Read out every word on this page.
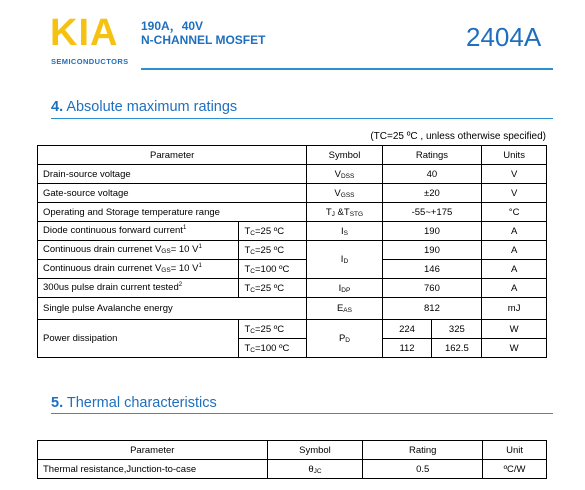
KIA
SEMICONDUCTORS
190A，40V
N-CHANNEL MOSFET	2404A
4. Absolute maximum ratings
(TC=25 ºC , unless otherwise specified)
Parameter		Symbol	Ratings		Units
Drain-source voltage		$V_{DSS}$	40		V
Gate-source voltage		$V_{GSS}$	±20		V
Operating and Storage temperature range		$T_J$ $\&T_{STG}$	-55~+175		°C
Diode continuous forward current$^1$	$T_C=25$ ºC	$I_S$	190		A
Continuous drain currenet $V_{GS}= 10$ $V^1$	$T_C=25$ ºC	$I_D$	190		A
Continuous drain currenet $V_{GS}= 10$ $V^1$	$T_C=100$ ºC		146		A
300us pulse drain current tested$^2$	$T_C=25$ ºC	$I_{DP}$	760		A
Single pulse Avalanche energy		$E_{AS}$	812		mJ
Power dissipation	$T_C=25$ ºC	$P_D$	224	325	W
	$T_C=100$ ºC		112	162.5	W
5. Thermal characteristics
Parameter	Symbol	Rating	Unit
Thermal resistance,Junction-to-case	$\theta_{JC}$	0.5	ºC/W
